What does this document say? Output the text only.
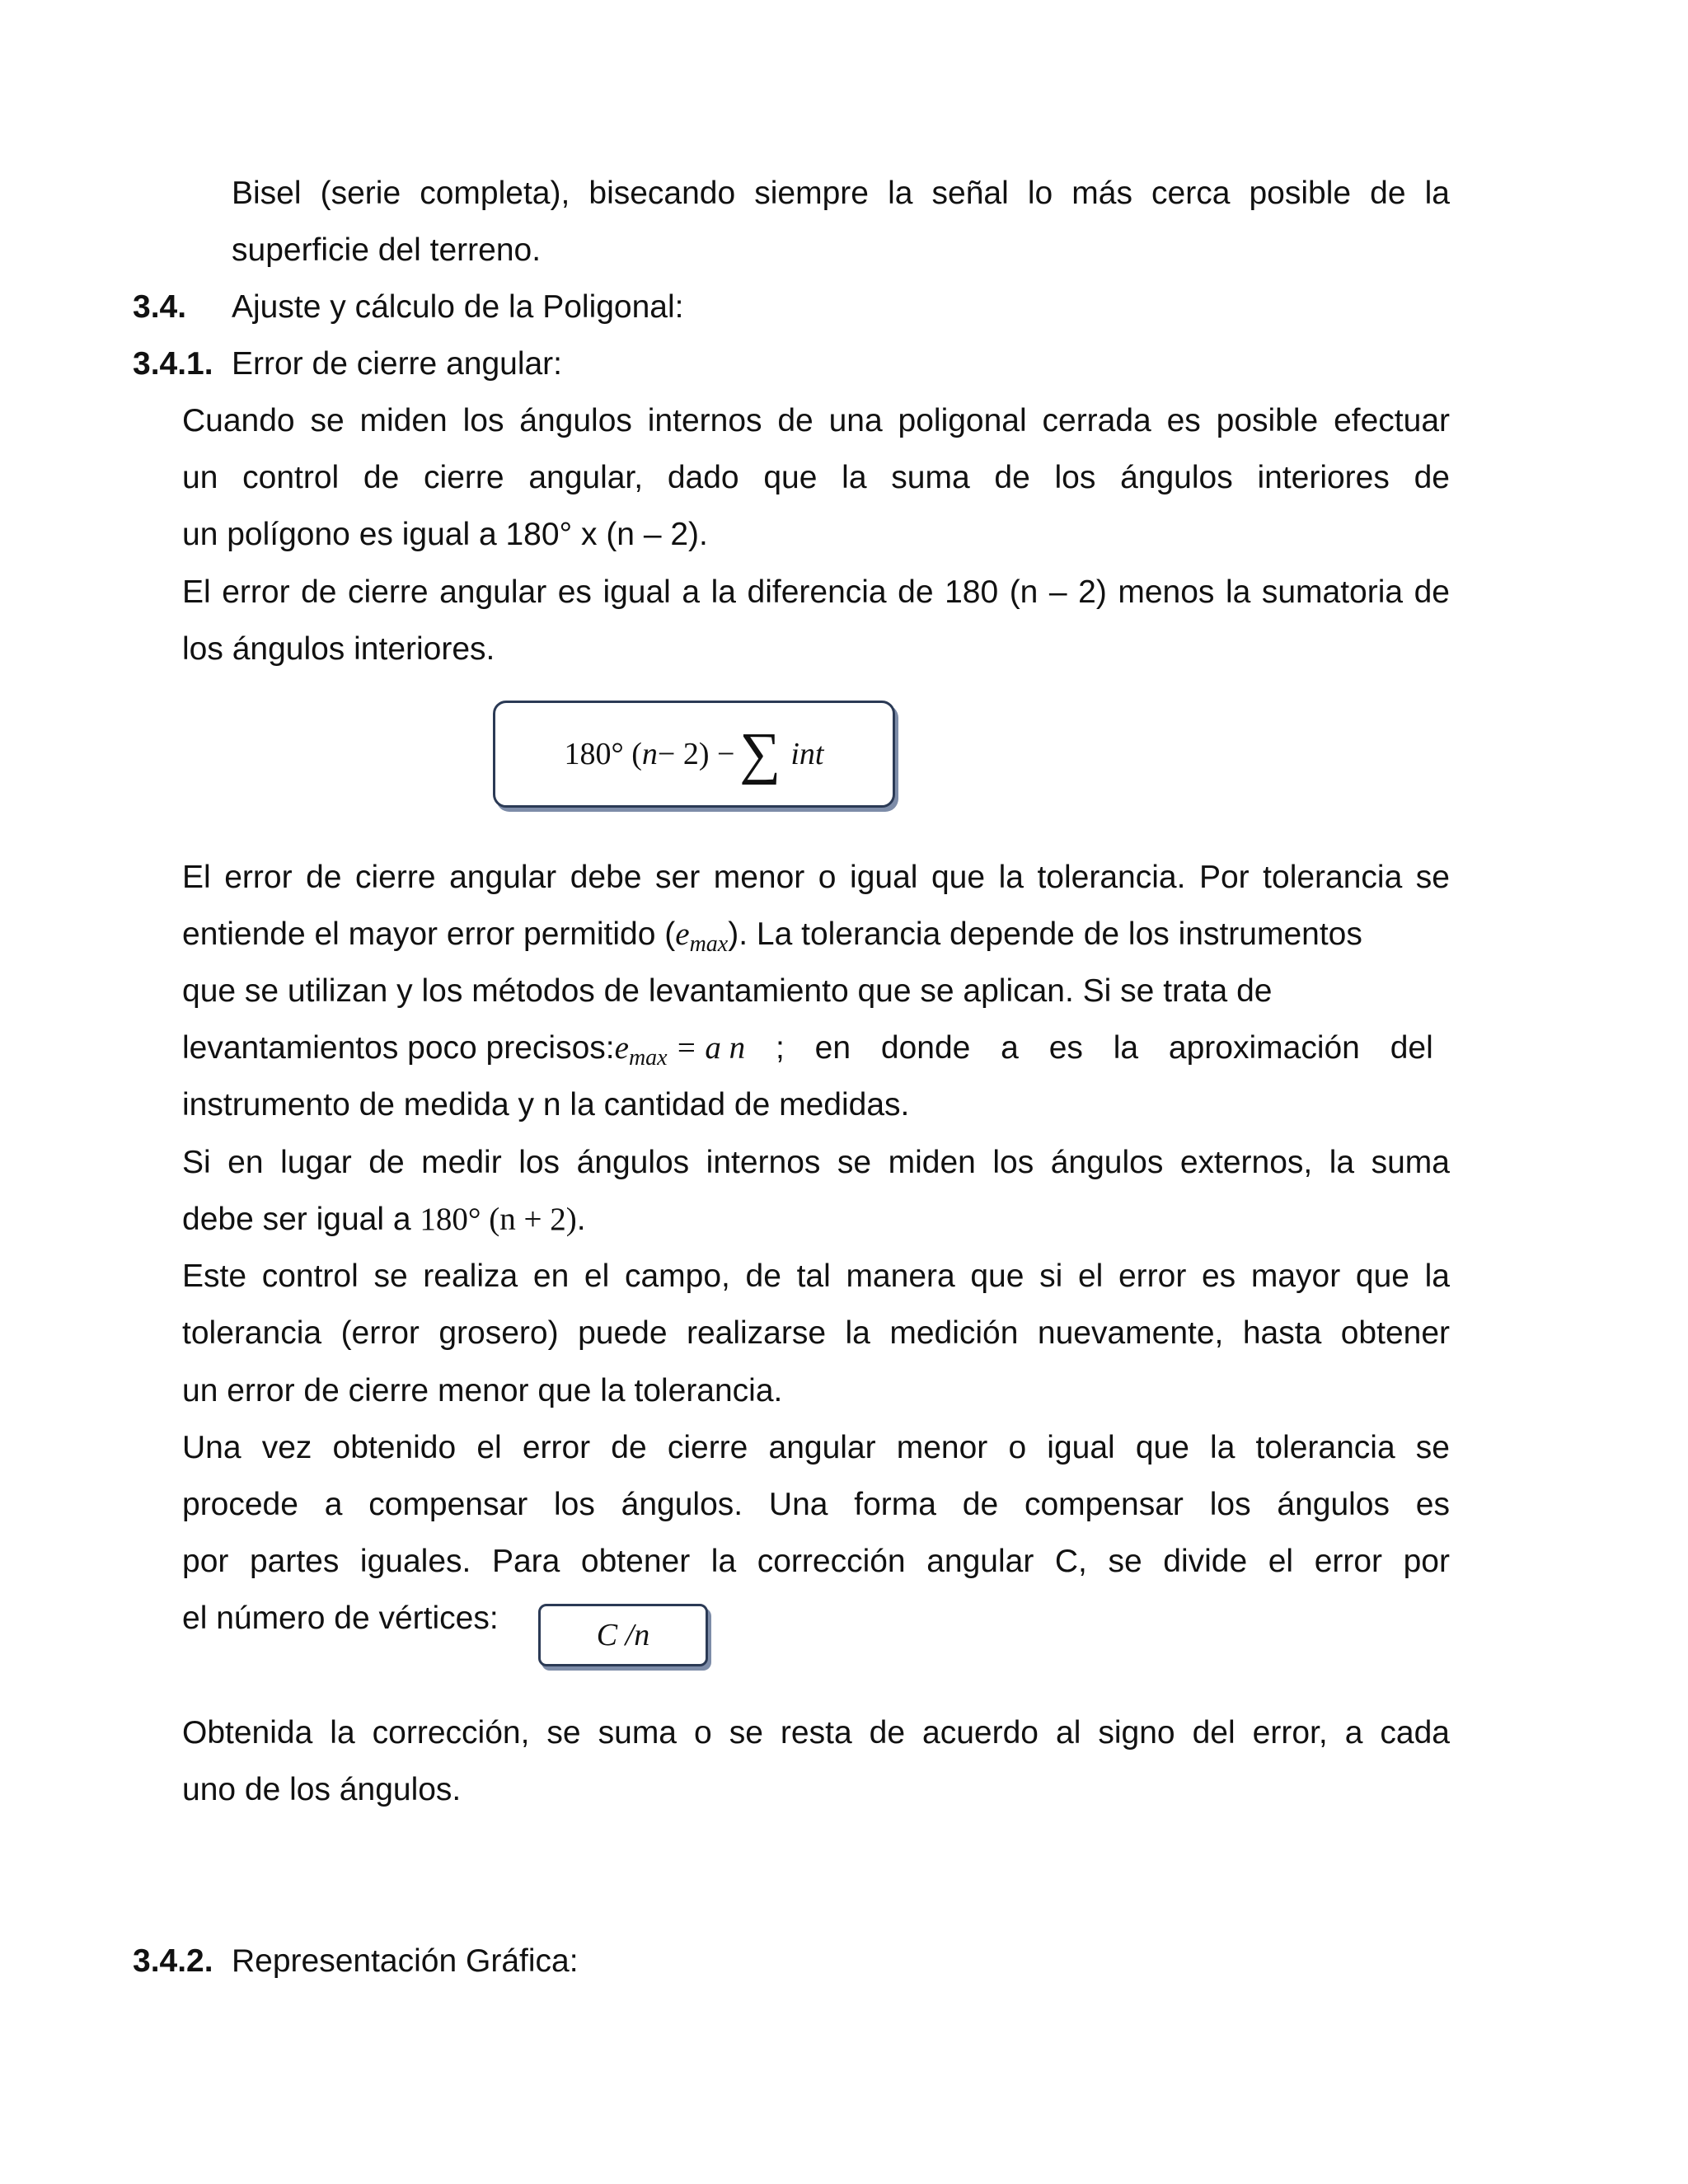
Bisel (serie completa), bisecando siempre la señal lo más cerca posible de la
superficie del terreno.
3.4. Ajuste y cálculo de la Poligonal:
3.4.1. Error de cierre angular:
Cuando se miden los ángulos internos de una poligonal cerrada es posible efectuar
un control de cierre angular, dado que la suma de los ángulos interiores de
un polígono es igual a 180° x (n – 2).
El error de cierre angular es igual a la diferencia de 180 (n – 2) menos la sumatoria de
los ángulos interiores.
180° ( n − 2) − ∑ int
El error de cierre angular debe ser menor o igual que la tolerancia. Por tolerancia se
entiende el mayor error permitido $(e_{max})$. La tolerancia depende de los instrumentos
que se utilizan y los métodos de levantamiento que se aplican. Si se trata de
levantamientos poco $precisos:e_{max} = a$ n ; en donde a es la aproximación del
instrumento de medida y n la cantidad de medidas.
Si en lugar de medir los ángulos internos se miden los ángulos externos, la suma
debe ser igual a 180° (n + 2).
Este control se realiza en el campo, de tal manera que si el error es mayor que la
tolerancia (error grosero) puede realizarse la medición nuevamente, hasta obtener
un error de cierre menor que la tolerancia.
Una vez obtenido el error de cierre angular menor o igual que la tolerancia se
procede a compensar los ángulos. Una forma de compensar los ángulos es
por partes iguales. Para obtener la corrección angular C, se divide el error por
el número de vértices:	C /n
Obtenida la corrección, se suma o se resta de acuerdo al signo del error, a cada
uno de los ángulos.
3.4.2. Representación Gráfica:
